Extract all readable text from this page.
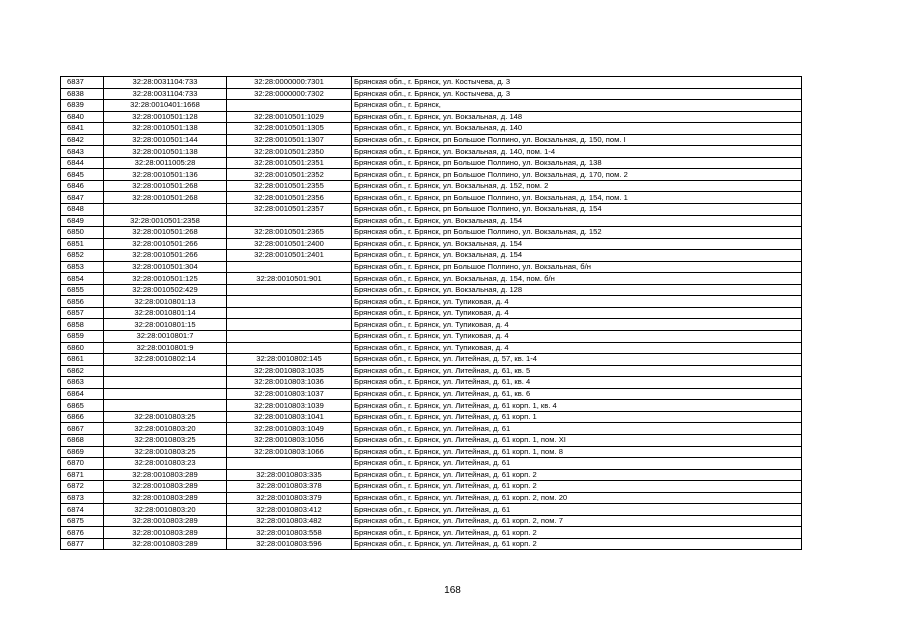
6837	32:28:0031104:733	32:28:0000000:7301	Брянская обл., г. Брянск, ул. Костычева, д. 3
6838	32:28:0031104:733	32:28:0000000:7302	Брянская обл., г. Брянск, ул. Костычева, д. 3
6839	32:28:0010401:1668		Брянская обл., г. Брянск,
6840	32:28:0010501:128	32:28:0010501:1029	Брянская обл., г. Брянск, ул. Вокзальная, д. 148
6841	32:28:0010501:138	32:28:0010501:1305	Брянская обл., г. Брянск, ул. Вокзальная, д. 140
6842	32:28:0010501:144	32:28:0010501:1307	Брянская обл., г. Брянск, рп Большое Полпино, ул. Вокзальная, д. 150, пом. I
6843	32:28:0010501:138	32:28:0010501:2350	Брянская обл., г. Брянск, ул. Вокзальная, д. 140, пом. 1-4
6844	32:28:0011005:28	32:28:0010501:2351	Брянская обл., г. Брянск, рп Большое Полпино, ул. Вокзальная, д. 138
6845	32:28:0010501:136	32:28:0010501:2352	Брянская обл., г. Брянск, рп Большое Полпино, ул. Вокзальная, д. 170, пом. 2
6846	32:28:0010501:268	32:28:0010501:2355	Брянская обл., г. Брянск, ул. Вокзальная, д. 152, пом. 2
6847	32:28:0010501:268	32:28:0010501:2356	Брянская обл., г. Брянск, рп Большое Полпино, ул. Вокзальная, д. 154, пом. 1
6848		32:28:0010501:2357	Брянская обл., г. Брянск, рп Большое Полпино, ул. Вокзальная, д. 154
6849	32:28:0010501:2358		Брянская обл., г. Брянск, ул. Вокзальная, д. 154
6850	32:28:0010501:268	32:28:0010501:2365	Брянская обл., г. Брянск, рп Большое Полпино, ул. Вокзальная, д. 152
6851	32:28:0010501:266	32:28:0010501:2400	Брянская обл., г. Брянск, ул. Вокзальная, д. 154
6852	32:28:0010501:266	32:28:0010501:2401	Брянская обл., г. Брянск, ул. Вокзальная, д. 154
6853	32:28:0010501:304		Брянская обл., г. Брянск, рп Большое Полпино, ул. Вокзальная, б/н
6854	32:28:0010501:125	32:28:0010501:901	Брянская обл., г. Брянск, ул. Вокзальная, д. 154, пом. б/н
6855	32:28:0010502:429		Брянская обл., г. Брянск, ул. Вокзальная, д. 128
6856	32:28:0010801:13		Брянская обл., г. Брянск, ул. Тупиковая, д. 4
6857	32:28:0010801:14		Брянская обл., г. Брянск, ул. Тупиковая, д. 4
6858	32:28:0010801:15		Брянская обл., г. Брянск, ул. Тупиковая, д. 4
6859	32:28:0010801:7		Брянская обл., г. Брянск, ул. Тупиковая, д. 4
6860	32:28:0010801:9		Брянская обл., г. Брянск, ул. Тупиковая, д. 4
6861	32:28:0010802:14	32:28:0010802:145	Брянская обл., г. Брянск, ул. Литейная, д. 57, кв. 1-4
6862		32:28:0010803:1035	Брянская обл., г. Брянск, ул. Литейная, д. 61, кв. 5
6863		32:28:0010803:1036	Брянская обл., г. Брянск, ул. Литейная, д. 61, кв. 4
6864		32:28:0010803:1037	Брянская обл., г. Брянск, ул. Литейная, д. 61, кв. 6
6865		32:28:0010803:1039	Брянская обл., г. Брянск, ул. Литейная, д. 61 корп. 1, кв. 4
6866	32:28:0010803:25	32:28:0010803:1041	Брянская обл., г. Брянск, ул. Литейная, д. 61 корп. 1
6867	32:28:0010803:20	32:28:0010803:1049	Брянская обл., г. Брянск, ул. Литейная, д. 61
6868	32:28:0010803:25	32:28:0010803:1056	Брянская обл., г. Брянск, ул. Литейная, д. 61 корп. 1, пом. XI
6869	32:28:0010803:25	32:28:0010803:1066	Брянская обл., г. Брянск, ул. Литейная, д. 61 корп. 1, пом. 8
6870	32:28:0010803:23		Брянская обл., г. Брянск, ул. Литейная, д. 61
6871	32:28:0010803:289	32:28:0010803:335	Брянская обл., г. Брянск, ул. Литейная, д. 61 корп. 2
6872	32:28:0010803:289	32:28:0010803:378	Брянская обл., г. Брянск, ул. Литейная, д. 61 корп. 2
6873	32:28:0010803:289	32:28:0010803:379	Брянская обл., г. Брянск, ул. Литейная, д. 61 корп. 2, пом. 20
6874	32:28:0010803:20	32:28:0010803:412	Брянская обл., г. Брянск, ул. Литейная, д. 61
6875	32:28:0010803:289	32:28:0010803:482	Брянская обл., г. Брянск, ул. Литейная, д. 61 корп. 2, пом. 7
6876	32:28:0010803:289	32:28:0010803:558	Брянская обл., г. Брянск, ул. Литейная, д. 61 корп. 2
6877	32:28:0010803:289	32:28:0010803:596	Брянская обл., г. Брянск, ул. Литейная, д. 61 корп. 2
168
